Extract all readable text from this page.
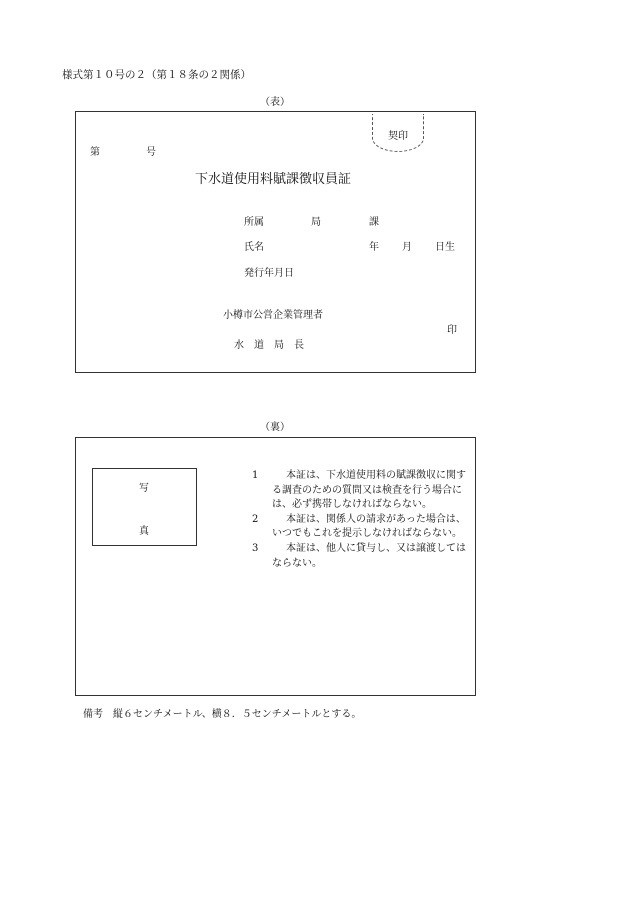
様式第１０号の２（第１８条の２関係）
（表）
契印
第	号
下水道使用料賦課徴収員証
所属	局	課
氏名	年 月 日生
発行年月日
小樽市公営企業管理者
印
水　道　局　長
（裏）
写
真

1	本証は、下水道使用料の賦課徴収に関する調査のための質問又は検査を行う場合には、必ず携帯しなければならない。

2	本証は、関係人の請求があった場合は、いつでもこれを提示しなければならない。

3	本証は、他人に貸与し、又は譲渡してはならない。

備考　縦６センチメートル、横８．５センチメートルとする。
